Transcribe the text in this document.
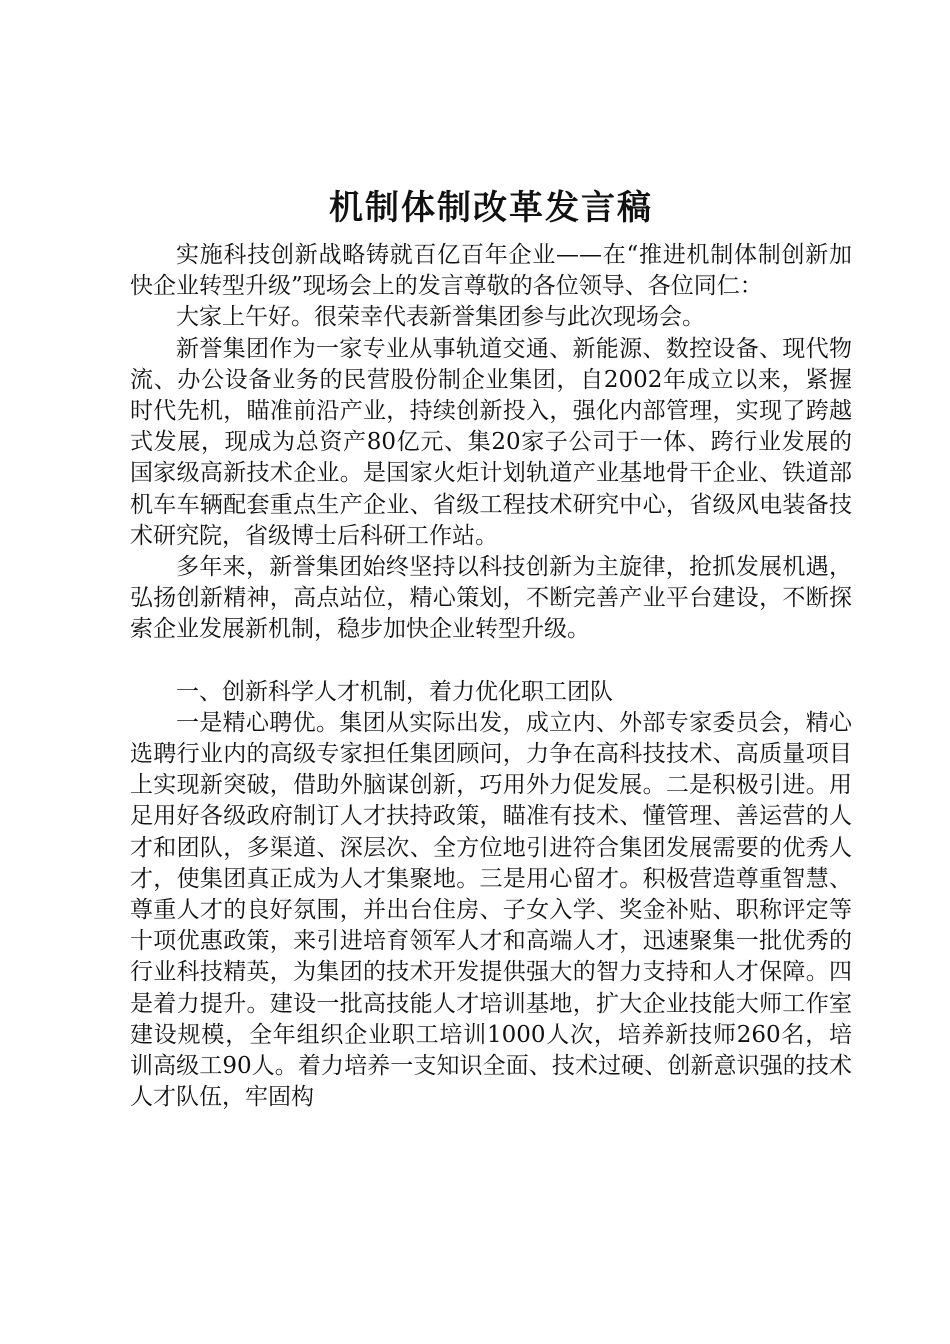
机制体制改革发言稿

实施科技创新战略铸就百亿百年企业——在“推进机制体制创新加快企业转型升级”现场会上的发言尊敬的各位领导、各位同仁：

大家上午好。很荣幸代表新誉集团参与此次现场会。

新誉集团作为一家专业从事轨道交通、新能源、数控设备、现代物流、办公设备业务的民营股份制企业集团，自2002年成立以来，紧握时代先机，瞄准前沿产业，持续创新投入，强化内部管理，实现了跨越式发展，现成为总资产80亿元、集20家子公司于一体、跨行业发展的国家级高新技术企业。是国家火炬计划轨道产业基地骨干企业、铁道部机车车辆配套重点生产企业、省级工程技术研究中心，省级风电装备技术研究院，省级博士后科研工作站。

多年来，新誉集团始终坚持以科技创新为主旋律，抢抓发展机遇，弘扬创新精神，高点站位，精心策划，不断完善产业平台建设，不断探索企业发展新机制，稳步加快企业转型升级。

一、创新科学人才机制，着力优化职工团队

一是精心聘优。集团从实际出发，成立内、外部专家委员会，精心选聘行业内的高级专家担任集团顾问，力争在高科技技术、高质量项目上实现新突破，借助外脑谋创新，巧用外力促发展。二是积极引进。用足用好各级政府制订人才扶持政策，瞄准有技术、懂管理、善运营的人才和团队，多渠道、深层次、全方位地引进符合集团发展需要的优秀人才，使集团真正成为人才集聚地。三是用心留才。积极营造尊重智慧、尊重人才的良好氛围，并出台住房、子女入学、奖金补贴、职称评定等十项优惠政策，来引进培育领军人才和高端人才，迅速聚集一批优秀的行业科技精英，为集团的技术开发提供强大的智力支持和人才保障。四是着力提升。建设一批高技能人才培训基地，扩大企业技能大师工作室建设规模，全年组织企业职工培训1000人次，培养新技师260名，培训高级工90人。着力培养一支知识全面、技术过硬、创新意识强的技术人才队伍，牢固构
